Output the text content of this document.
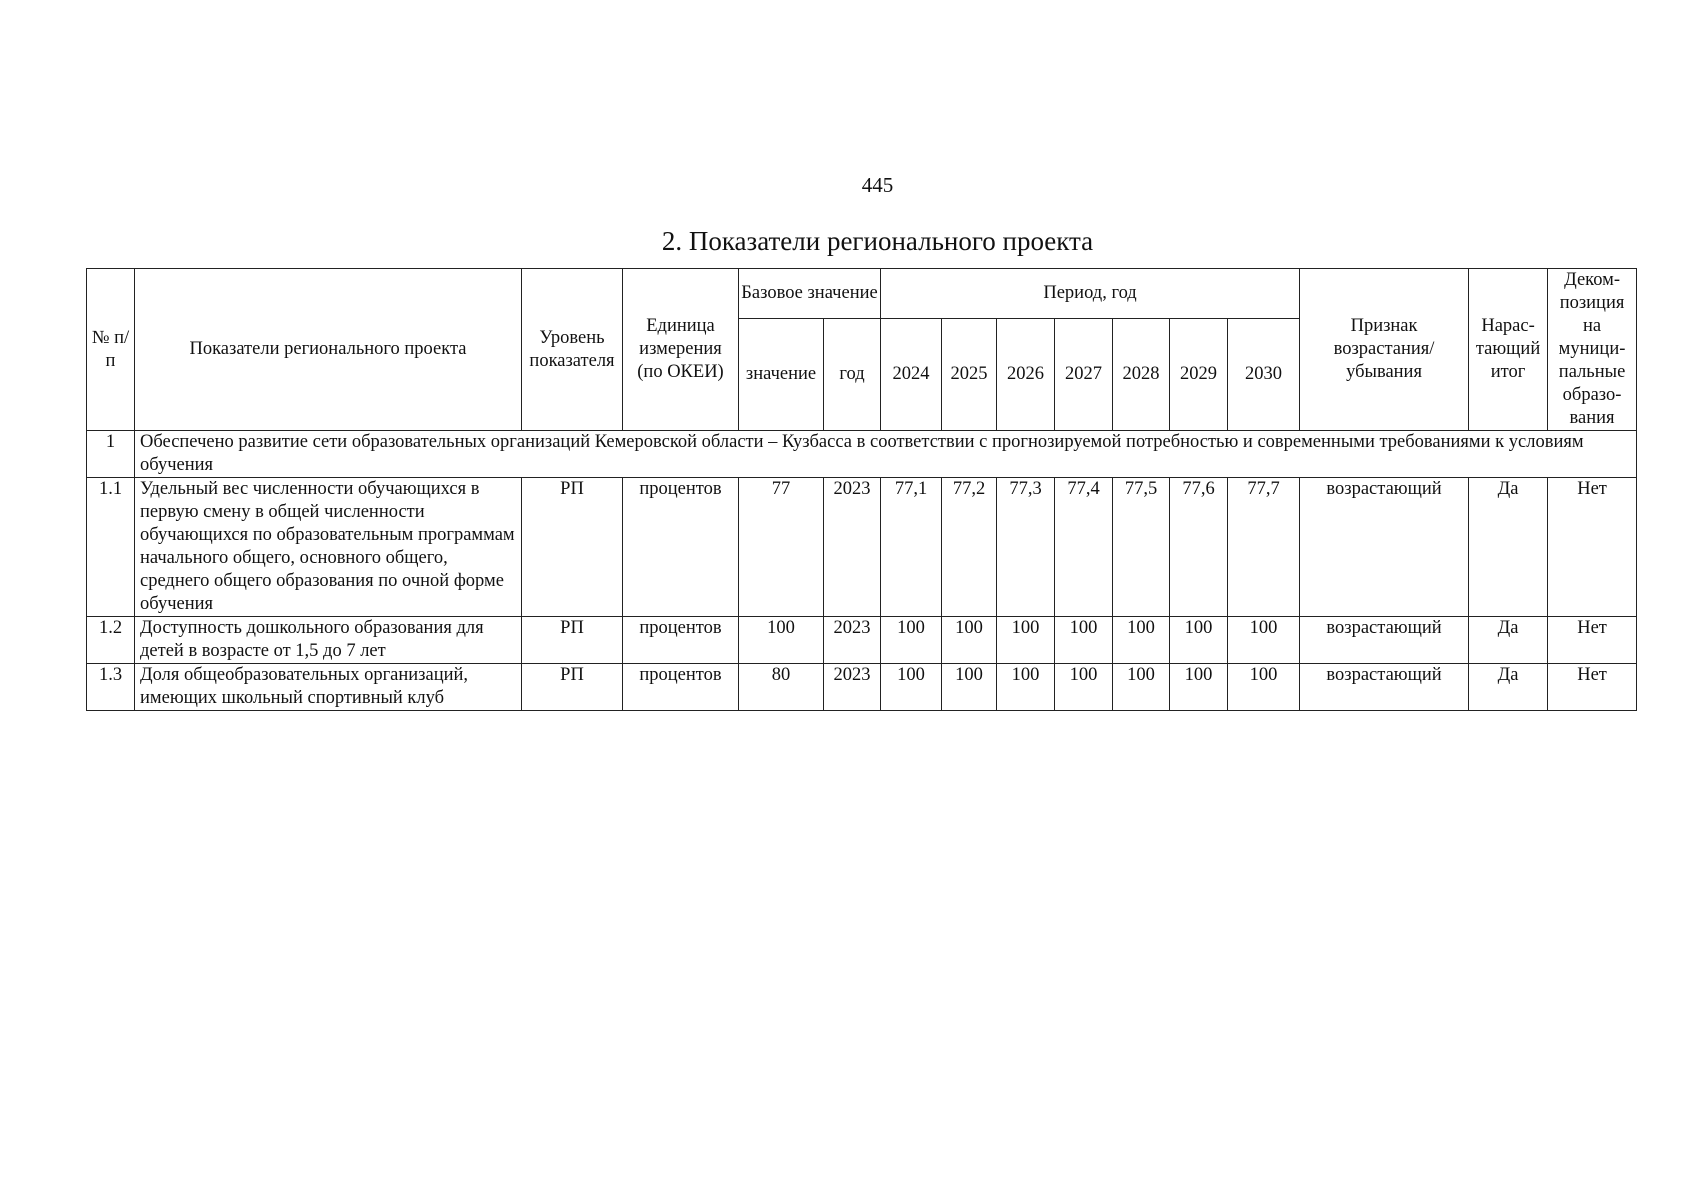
445
2. Показатели регионального проекта
№ п/п	Показатели регионального проекта	Уровень показателя	Единица измерения (по ОКЕИ)	Базовое значение		Период, год							Признак возрастания/ убывания	Нарас- тающий итог	Деком- позиция на муници- пальные образо- вания
				значение	год	2024	2025	2026	2027	2028	2029	2030			
1	Обеспечено развитие сети образовательных организаций Кемеровской области – Кузбасса в соответствии с прогнозируемой потребностью и современными требованиями к условиям обучения														
1.1	Удельный вес численности обучающихся в первую смену в общей численности обучающихся по образовательным программам начального общего, основного общего, среднего общего образования по очной форме обучения	РП	процентов	77	2023	77,1	77,2	77,3	77,4	77,5	77,6	77,7	возрастающий	Да	Нет
1.2	Доступность дошкольного образования для детей в возрасте от 1,5 до 7 лет	РП	процентов	100	2023	100	100	100	100	100	100	100	возрастающий	Да	Нет
1.3	Доля общеобразовательных организаций, имеющих школьный спортивный клуб	РП	процентов	80	2023	100	100	100	100	100	100	100	возрастающий	Да	Нет
